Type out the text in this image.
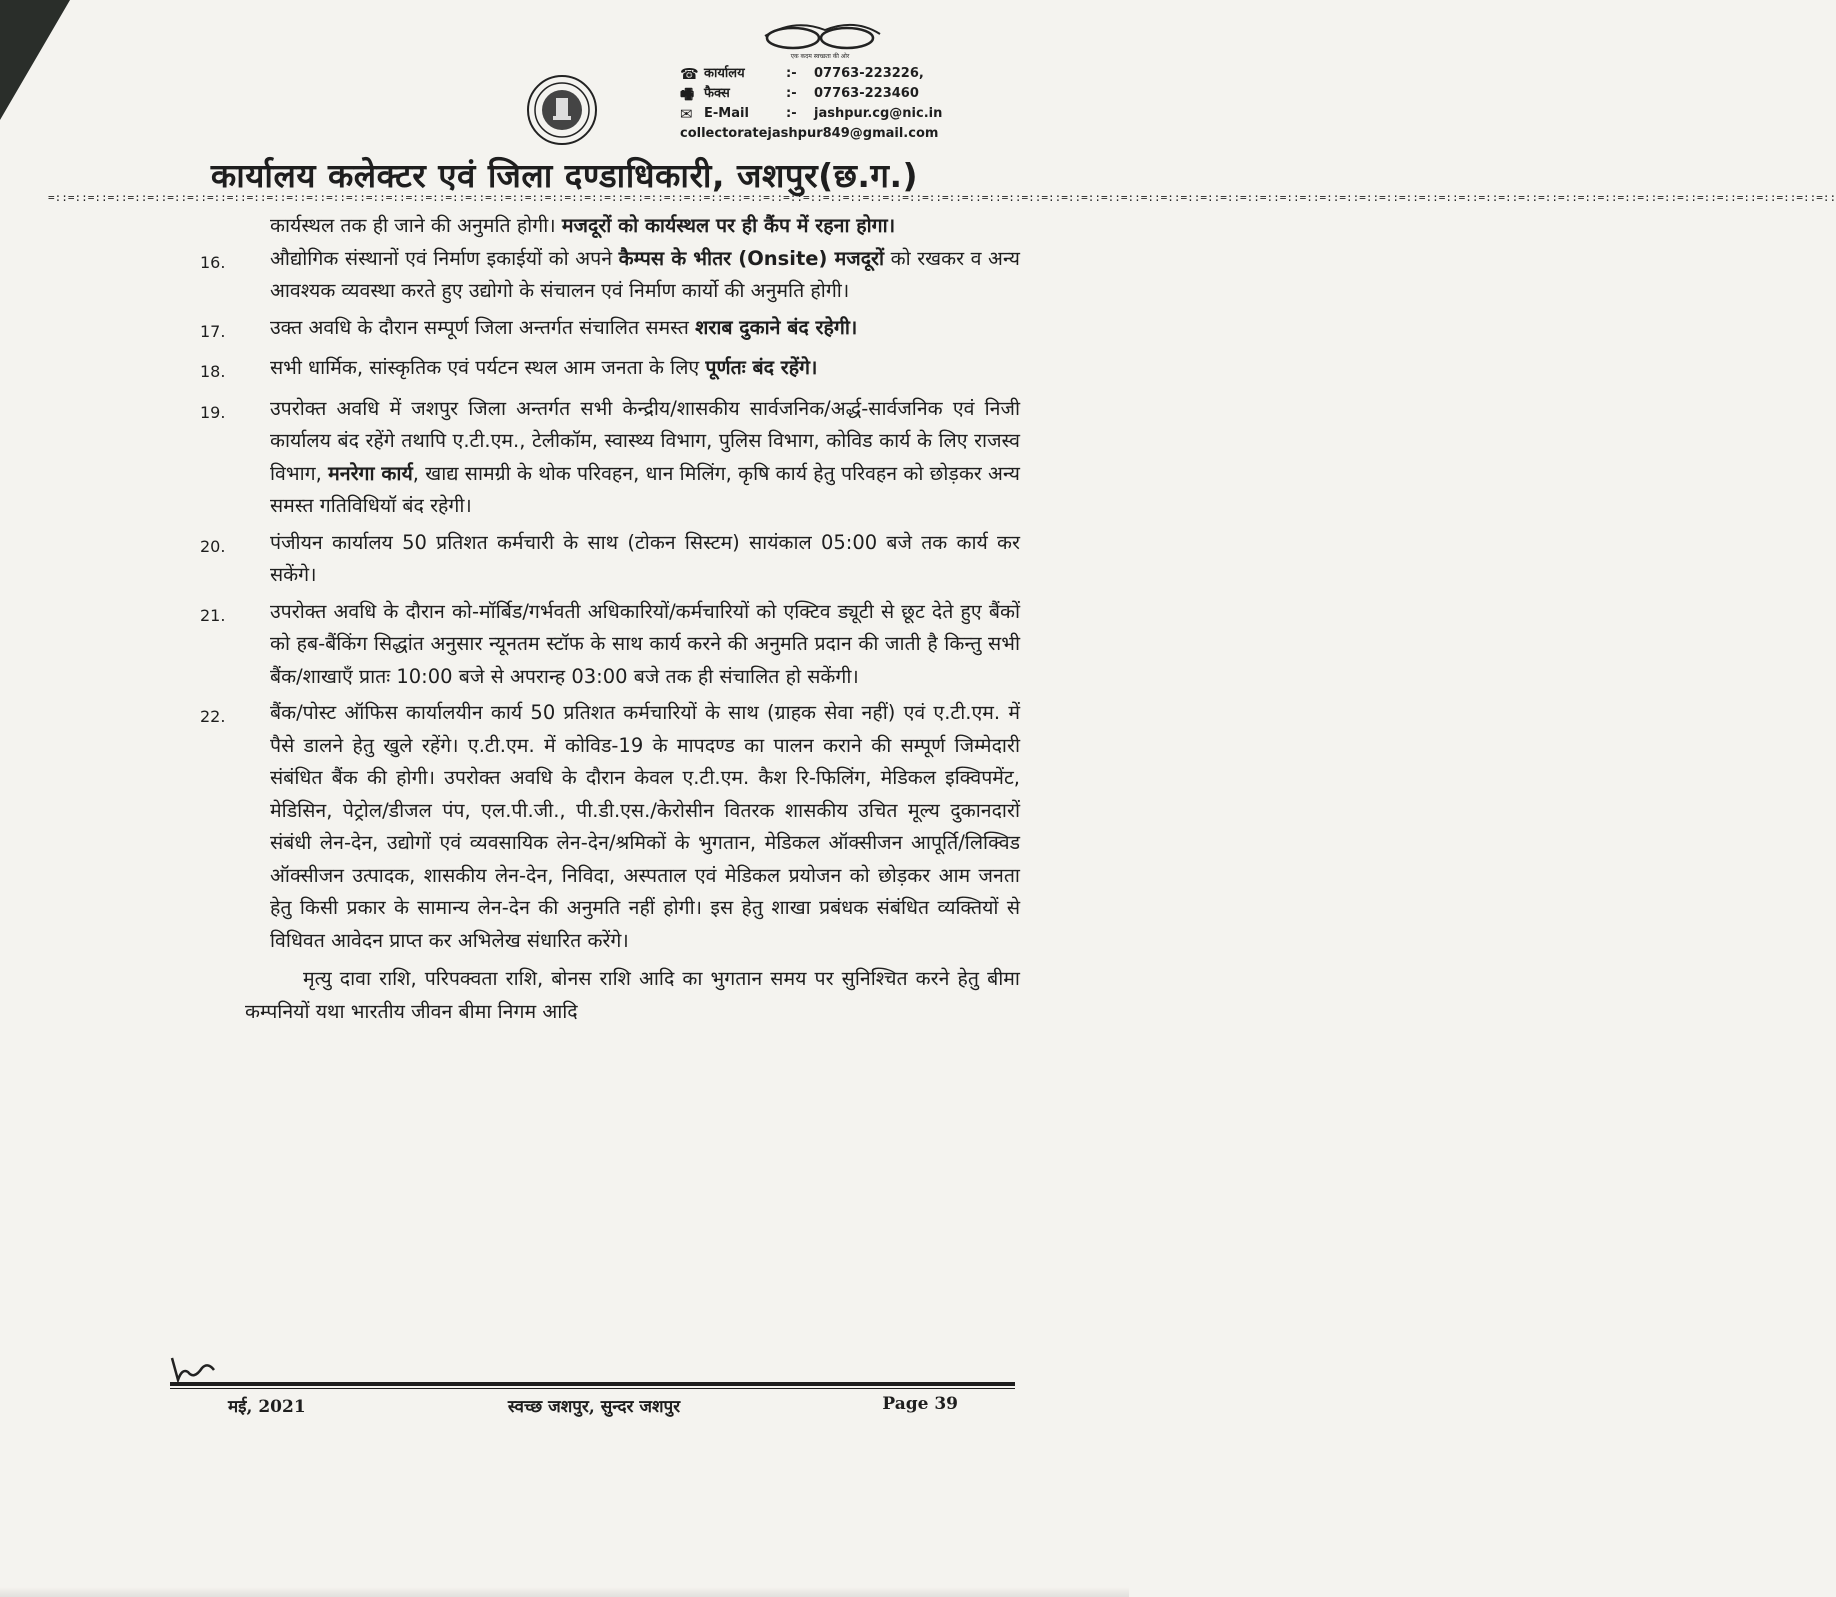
एक कदम स्वच्छता की ओर
☎ कार्यालय	:-	07763-223226,
🖷 फैक्स	:-	07763-223460
✉ E-Mail	:-	jashpur.cg@nic.in
collectoratejashpur849@gmail.com
कार्यालय कलेक्टर एवं जिला दण्डाधिकारी, जशपुर(छ.ग.)
=::=::=::=::=::=::=::=::=::=::=::=::=::=::=::=::=::=::=::=::=::=::=::=::=::=::=::=::=::=::=::=::=::=::=::=::=::=::=::=::=::=::=::=::=::=::=::=::=::=::=::=::=::=::=::=::=::=::=::=::=::=::=::=::=::=::=::=::=::=::=::=::=::=::=::=::=::=::=::=::=::=::=::=::=::=::=::=::=::=::
कार्यस्थल तक ही जाने की अनुमति होगी। मजदूरों को कार्यस्थल पर ही कैंप में रहना होगा।
16.	औद्योगिक संस्थानों एवं निर्माण इकाईयों को अपने कैम्पस के भीतर (Onsite) मजदूरों को रखकर व अन्य आवश्यक व्यवस्था करते हुए उद्योगो के संचालन एवं निर्माण कार्यो की अनुमति होगी।
17.	उक्त अवधि के दौरान सम्पूर्ण जिला अन्तर्गत संचालित समस्त शराब दुकाने बंद रहेगी।
18.	सभी धार्मिक, सांस्कृतिक एवं पर्यटन स्थल आम जनता के लिए पूर्णतः बंद रहेंगे।
19.	उपरोक्त अवधि में जशपुर जिला अन्तर्गत सभी केन्द्रीय/शासकीय सार्वजनिक/अर्द्ध-सार्वजनिक एवं निजी कार्यालय बंद रहेंगे तथापि ए.टी.एम., टेलीकॉम, स्वास्थ्य विभाग, पुलिस विभाग, कोविड कार्य के लिए राजस्व विभाग, मनरेगा कार्य, खाद्य सामग्री के थोक परिवहन, धान मिलिंग, कृषि कार्य हेतु परिवहन को छोड़कर अन्य समस्त गतिविधियॉ बंद रहेगी।
20.	पंजीयन कार्यालय 50 प्रतिशत कर्मचारी के साथ (टोकन सिस्टम) सायंकाल 05:00 बजे तक कार्य कर सकेंगे।
21.	उपरोक्त अवधि के दौरान को-मॉर्बिड/गर्भवती अधिकारियों/कर्मचारियों को एक्टिव ड्यूटी से छूट देते हुए बैंकों को हब-बैंकिंग सिद्धांत अनुसार न्यूनतम स्टॉफ के साथ कार्य करने की अनुमति प्रदान की जाती है किन्तु सभी बैंक/शाखाएँ प्रातः 10:00 बजे से अपरान्ह 03:00 बजे तक ही संचालित हो सकेंगी।
22.	बैंक/पोस्ट ऑफिस कार्यालयीन कार्य 50 प्रतिशत कर्मचारियों के साथ (ग्राहक सेवा नहीं) एवं ए.टी.एम. में पैसे डालने हेतु खुले रहेंगे। ए.टी.एम. में कोविड-19 के मापदण्ड का पालन कराने की सम्पूर्ण जिम्मेदारी संबंधित बैंक की होगी। उपरोक्त अवधि के दौरान केवल ए.टी.एम. कैश रि-फिलिंग, मेडिकल इक्विपमेंट, मेडिसिन, पेट्रोल/डीजल पंप, एल.पी.जी., पी.डी.एस./केरोसीन वितरक शासकीय उचित मूल्य दुकानदारों संबंधी लेन-देन, उद्योगों एवं व्यवसायिक लेन-देन/श्रमिकों के भुगतान, मेडिकल ऑक्सीजन आपूर्ति/लिक्विड ऑक्सीजन उत्पादक, शासकीय लेन-देन, निविदा, अस्पताल एवं मेडिकल प्रयोजन को छोड़कर आम जनता हेतु किसी प्रकार के सामान्य लेन-देन की अनुमति नहीं होगी। इस हेतु शाखा प्रबंधक संबंधित व्यक्तियों से विधिवत आवेदन प्राप्त कर अभिलेख संधारित करेंगे।
मृत्यु दावा राशि, परिपक्वता राशि, बोनस राशि आदि का भुगतान समय पर सुनिश्चित करने हेतु बीमा कम्पनियों यथा भारतीय जीवन बीमा निगम आदि
मई, 2021	स्वच्छ जशपुर, सुन्दर जशपुर	Page 39
